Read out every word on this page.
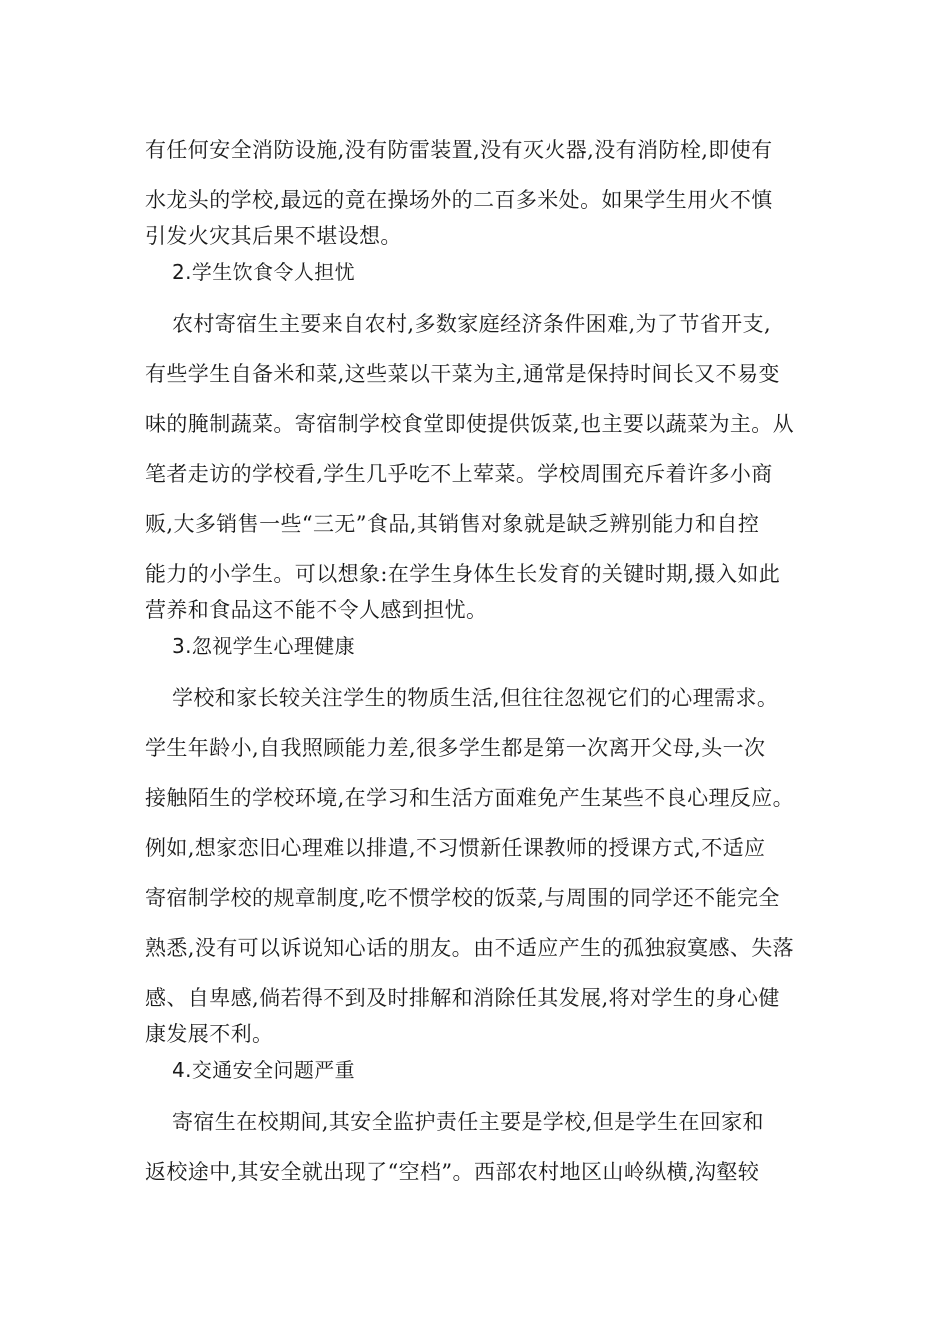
有任何安全消防设施,没有防雷装置,没有灭火器,没有消防栓,即使有
水龙头的学校,最远的竟在操场外的二百多米处。如果学生用火不慎
引发火灾其后果不堪设想。
2.学生饮食令人担忧
农村寄宿生主要来自农村,多数家庭经济条件困难,为了节省开支,
有些学生自备米和菜,这些菜以干菜为主,通常是保持时间长又不易变
味的腌制蔬菜。寄宿制学校食堂即使提供饭菜,也主要以蔬菜为主。从
笔者走访的学校看,学生几乎吃不上荤菜。学校周围充斥着许多小商
贩,大多销售一些“三无”食品,其销售对象就是缺乏辨别能力和自控
能力的小学生。可以想象:在学生身体生长发育的关键时期,摄入如此
营养和食品这不能不令人感到担忧。
3.忽视学生心理健康
学校和家长较关注学生的物质生活,但往往忽视它们的心理需求。
学生年龄小,自我照顾能力差,很多学生都是第一次离开父母,头一次
接触陌生的学校环境,在学习和生活方面难免产生某些不良心理反应。
例如,想家恋旧心理难以排遣,不习惯新任课教师的授课方式,不适应
寄宿制学校的规章制度,吃不惯学校的饭菜,与周围的同学还不能完全
熟悉,没有可以诉说知心话的朋友。由不适应产生的孤独寂寞感、失落
感、自卑感,倘若得不到及时排解和消除任其发展,将对学生的身心健
康发展不利。
4.交通安全问题严重
寄宿生在校期间,其安全监护责任主要是学校,但是学生在回家和
返校途中,其安全就出现了“空档”。西部农村地区山岭纵横,沟壑较
